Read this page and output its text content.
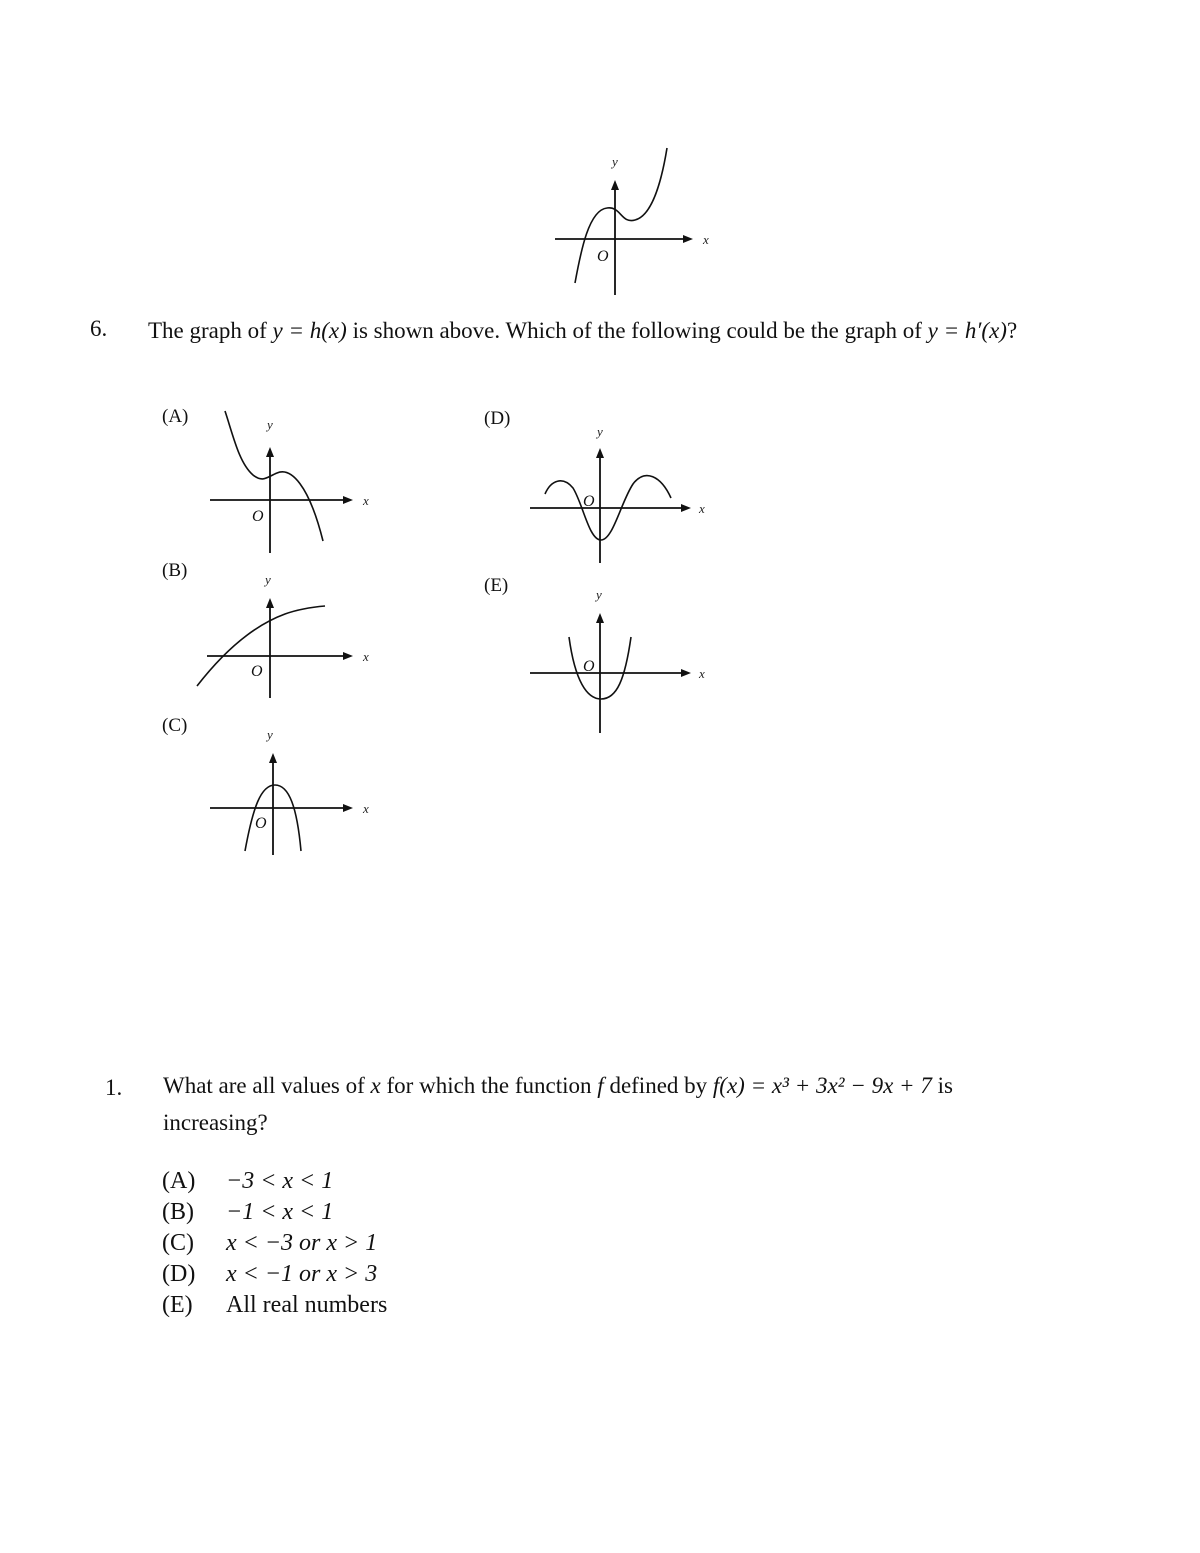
x
y
O
6. The graph of y = h(x) is shown above. Which of the following could be the graph of y = h′(x)?
(A)
(B)
(C)
(D)
(E)
x
y
O
x
y
O
x
y
O
x
y
O
x
y
O
1. What are all values of x for which the function f defined by f(x) = x³ + 3x² − 9x + 7 is
increasing?
(A) −3 < x < 1
(B) −1 < x < 1
(C) x < −3 or x > 1
(D) x < −1 or x > 3
(E) All real numbers
